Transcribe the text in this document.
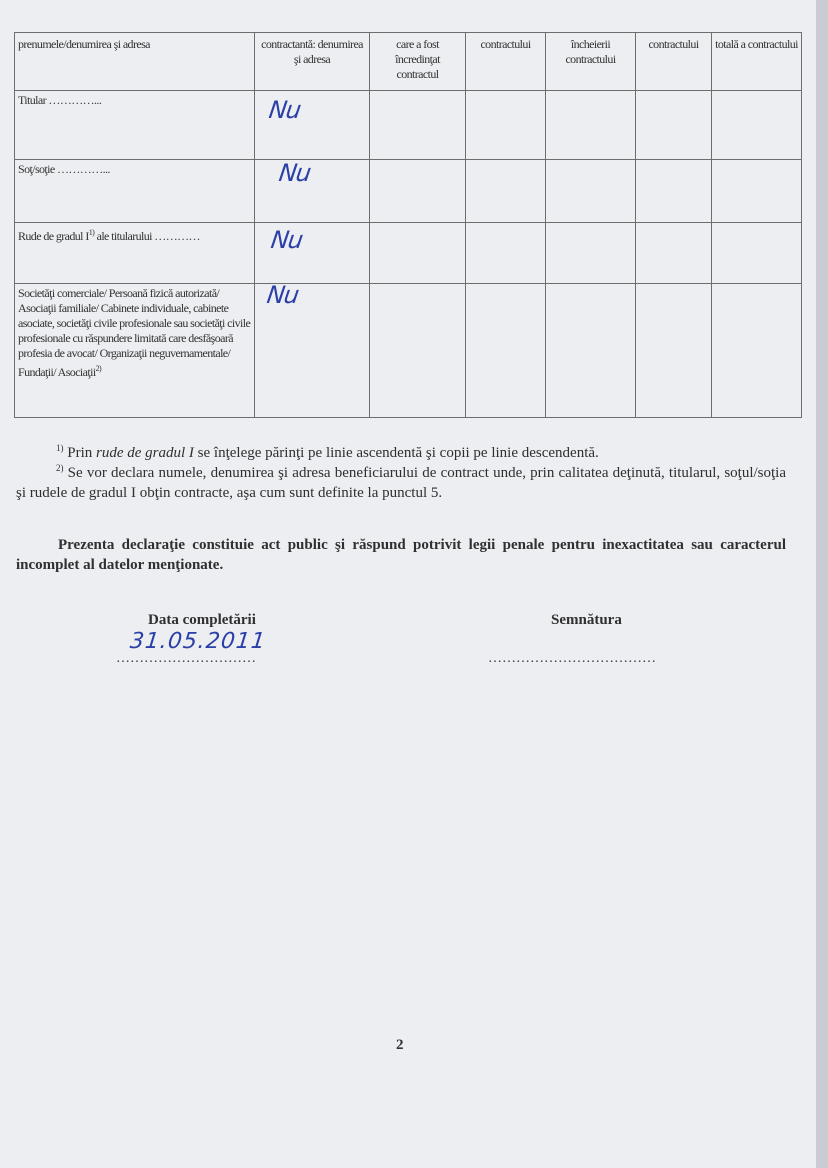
prenumele/denumirea şi adresa	contractantă: denumirea şi adresa	care a fost încredinţat contractul	contractului	încheierii contractului	contractului	totală a contractului
Titular …………...	Nu					
Soţ/soţie …………...	Nu					
Rude de gradul $I^{1)}$ ale titularului …………	Nu					
Societăţi comerciale/ Persoană fizică autorizată/ Asociaţii familiale/ Cabinete individuale, cabinete asociate, societăţi civile profesionale sau societăţi civile profesionale cu răspundere limitată care desfăşoară profesia de avocat/ Organizaţii neguvernamentale/ Fundaţii/ Asociaţii$^{2)}$	Nu					
$^{1)}$ Prin rude de gradul I se înţelege părinţi pe linie ascendentă şi copii pe linie descendentă.
$^{2)}$ Se vor declara numele, denumirea şi adresa beneficiarului de contract unde, prin calitatea deţinută, titularul, soţul/soţia şi rudele de gradul I obţin contracte, aşa cum sunt definite la punctul 5.
Prezenta declaraţie constituie act public şi răspund potrivit legii penale pentru inexactitatea sau caracterul incomplet al datelor menţionate.
Data completării
31.05.2011
…………………………
Semnătura
………………………………
2
